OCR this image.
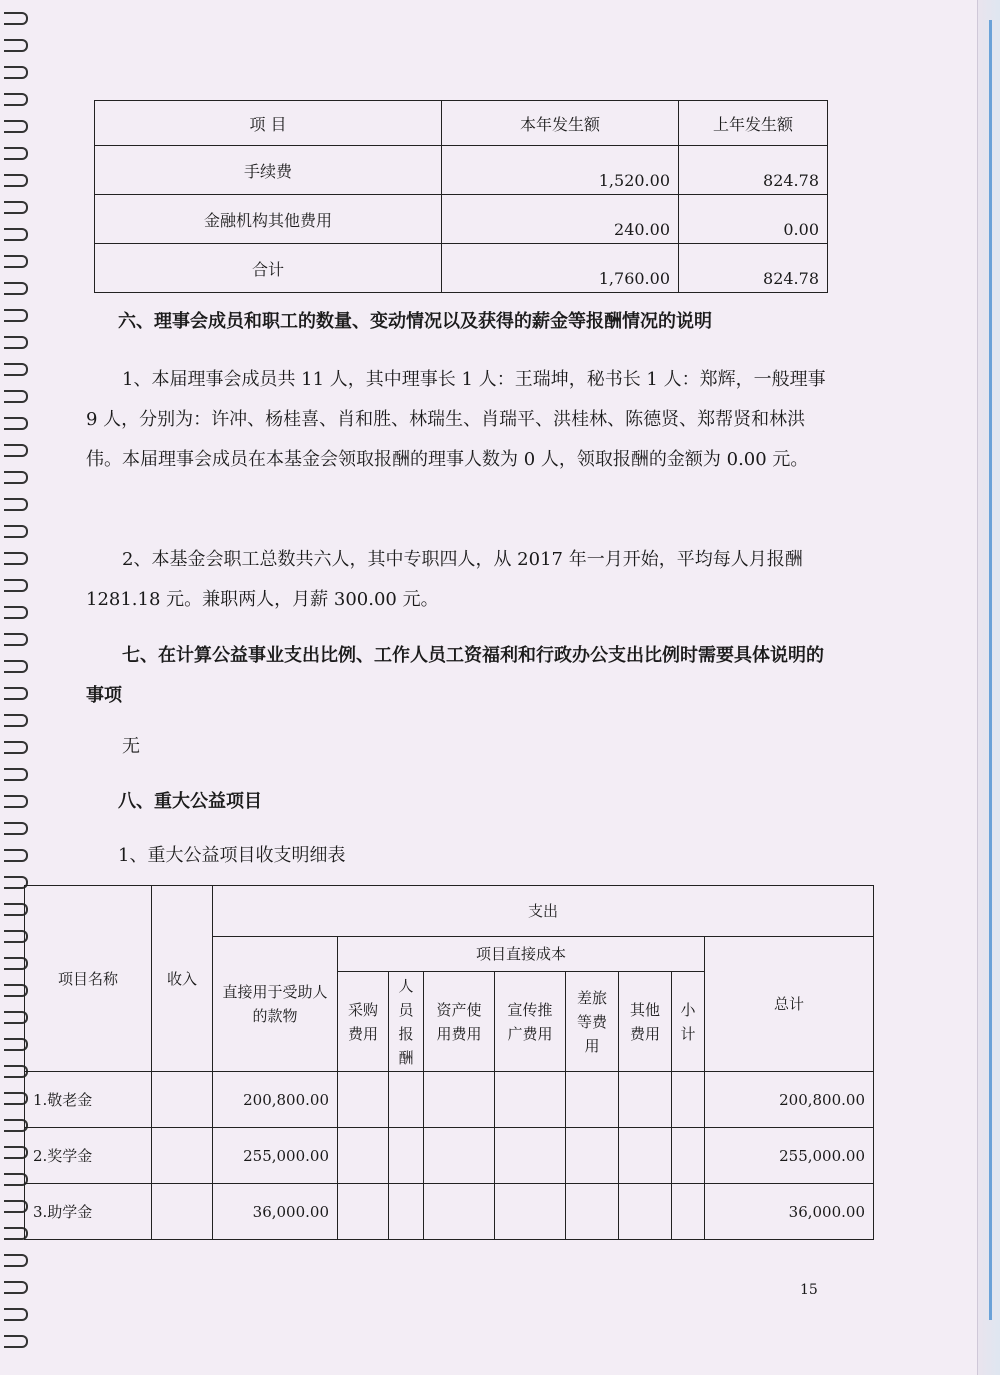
项 目	本年发生额	上年发生额
手续费	1,520.00	824.78
金融机构其他费用	240.00	0.00
合计	1,760.00	824.78
六、理事会成员和职工的数量、变动情况以及获得的薪金等报酬情况的说明
1、本届理事会成员共 11 人，其中理事长 1 人：王瑞坤，秘书长 1 人：郑辉，一般理事 9 人，分别为：许冲、杨桂喜、肖和胜、林瑞生、肖瑞平、洪桂林、陈德贤、郑帮贤和林洪伟。本届理事会成员在本基金会领取报酬的理事人数为 0 人，领取报酬的金额为 0.00 元。
2、本基金会职工总数共六人，其中专职四人，从 2017 年一月开始，平均每人月报酬 1281.18 元。兼职两人，月薪 300.00 元。
七、在计算公益事业支出比例、工作人员工资福利和行政办公支出比例时需要具体说明的事项
无
八、重大公益项目
1、重大公益项目收支明细表
项目名称	收入	支出								
		直接用于受助人的款物	项目直接成本							总计
			采购费用	人员报酬	资产使用费用	宣传推广费用	差旅等费用	其他费用	小计	
1.敬老金		200,800.00								200,800.00
2.奖学金		255,000.00								255,000.00
3.助学金		36,000.00								36,000.00
15
